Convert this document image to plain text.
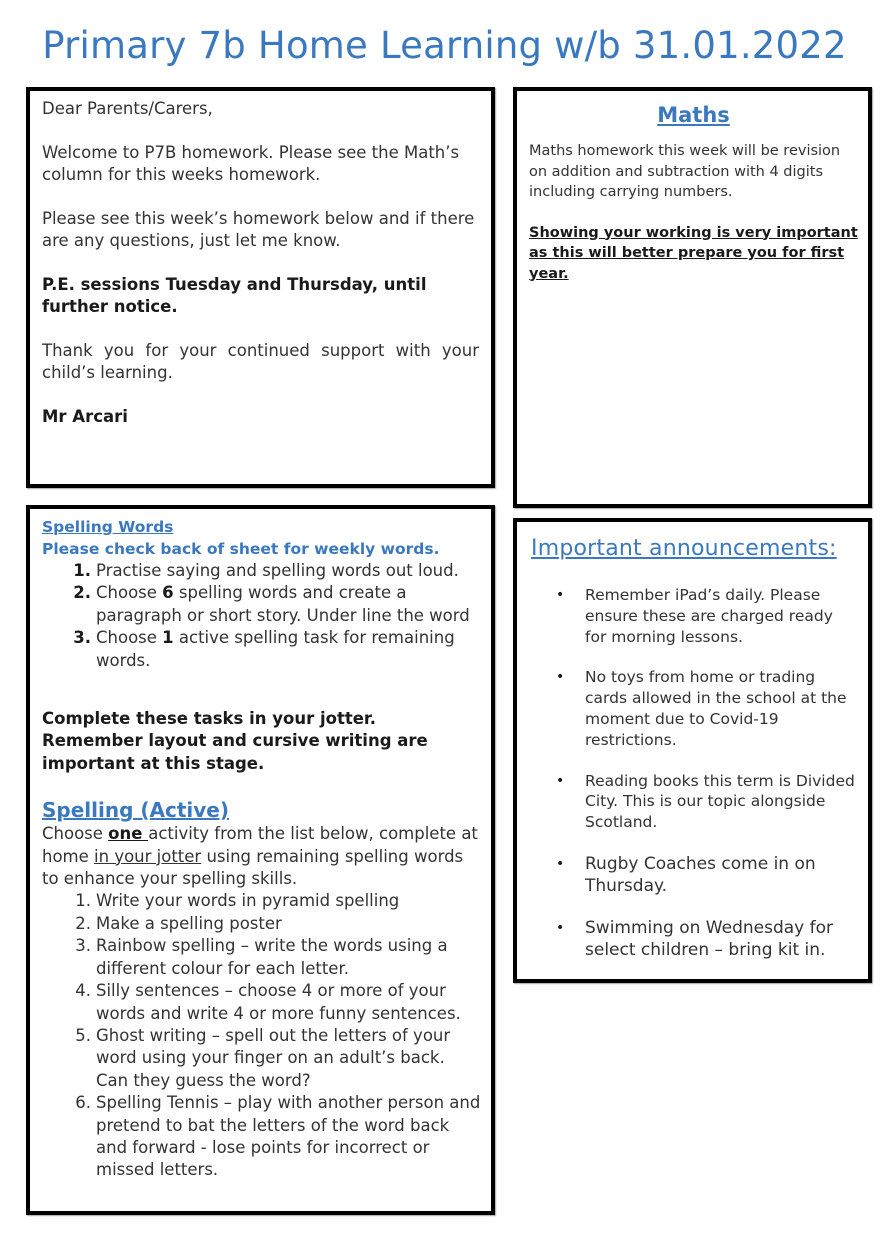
Primary 7b Home Learning w/b 31.01.2022

Dear Parents/Carers,

Welcome to P7B homework. Please see the Math’s column for this weeks homework.

Please see this week’s homework below and if there are any questions, just let me know.

P.E. sessions Tuesday and Thursday, until further notice.

Thank you for your continued support with your child’s learning.

Mr Arcari

Maths

Maths homework this week will be revision on addition and subtraction with 4 digits including carrying numbers.

Showing your working is very important as this will better prepare you for first year.

Spelling Words
Please check back of sheet for weekly words.
1. Practise saying and spelling words out loud.
2. Choose 6 spelling words and create a paragraph or short story. Under line the word
3. Choose 1 active spelling task for remaining words.
Complete these tasks in your jotter. Remember layout and cursive writing are important at this stage.
Spelling (Active)
Choose one activity from the list below, complete at home in your jotter using remaining spelling words to enhance your spelling skills.
1. Write your words in pyramid spelling
2. Make a spelling poster
3. Rainbow spelling – write the words using a different colour for each letter.
4. Silly sentences – choose 4 or more of your words and write 4 or more funny sentences.
5. Ghost writing – spell out the letters of your word using your finger on an adult’s back. Can they guess the word?
6. Spelling Tennis – play with another person and pretend to bat the letters of the word back and forward - lose points for incorrect or missed letters.
Important announcements:
• Remember iPad’s daily. Please ensure these are charged ready for morning lessons.
• No toys from home or trading cards allowed in the school at the moment due to Covid-19 restrictions.
• Reading books this term is Divided City. This is our topic alongside Scotland.
• Rugby Coaches come in on Thursday.
• Swimming on Wednesday for select children – bring kit in.
